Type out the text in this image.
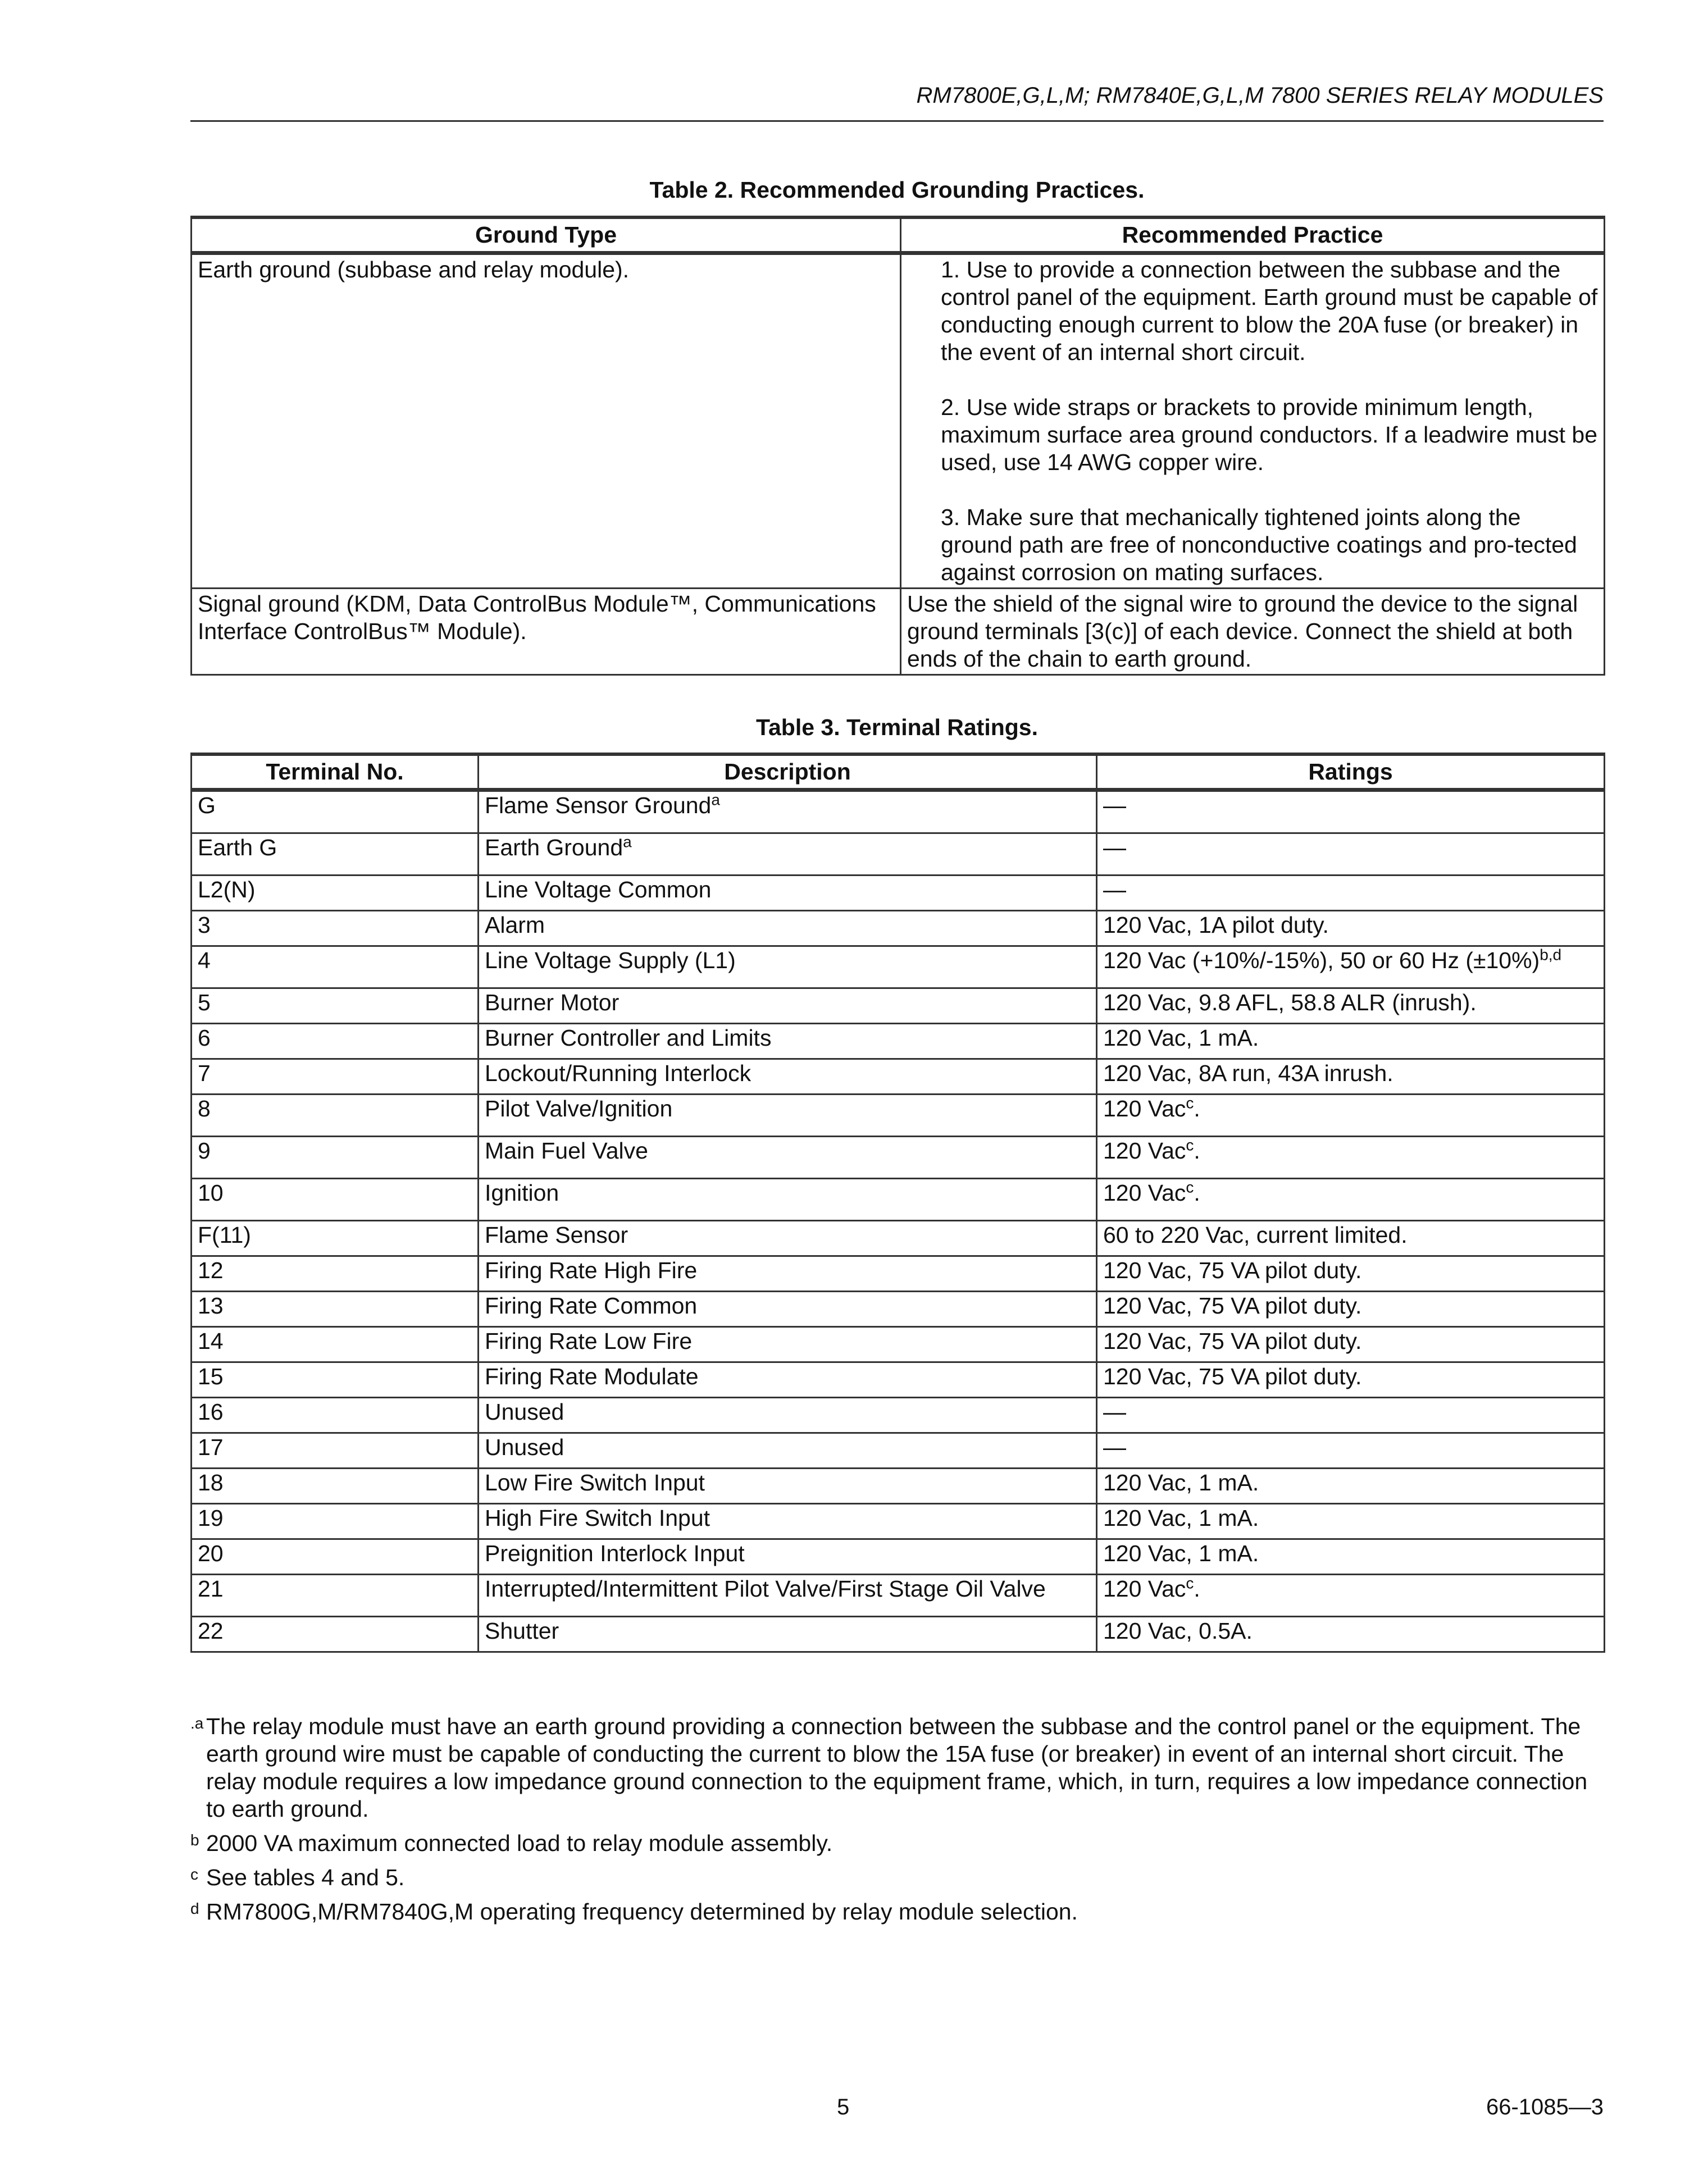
RM7800E,G,L,M; RM7840E,G,L,M 7800 SERIES RELAY MODULES
Table 2. Recommended Grounding Practices.
Ground Type	Recommended Practice
Earth ground (subbase and relay module).	1. Use to provide a connection between the subbase and the control panel of the equipment. Earth ground must be capable of conducting enough current to blow the 20A fuse (or breaker) in the event of an internal short circuit.

2. Use wide straps or brackets to provide minimum length, maximum surface area ground conductors. If a leadwire must be used, use 14 AWG copper wire.

3. Make sure that mechanically tightened joints along the ground path are free of nonconductive coatings and pro-tected against corrosion on mating surfaces.

Signal ground (KDM, Data ControlBus Module™, Communications Interface ControlBus™ Module).	Use the shield of the signal wire to ground the device to the signal ground terminals [3(c)] of each device. Connect the shield at both ends of the chain to earth ground.
Table 3. Terminal Ratings.
Terminal No.	Description	Ratings
G	Flame Sensor Ground$^a$	—
Earth G	Earth Ground$^a$	—
L2(N)	Line Voltage Common	—
3	Alarm	120 Vac, 1A pilot duty.
4	Line Voltage Supply (L1)	120 Vac (+10%/-15%), 50 or 60 Hz $(\pm 10\%)^{b,d}$
5	Burner Motor	120 Vac, 9.8 AFL, 58.8 ALR (inrush).
6	Burner Controller and Limits	120 Vac, 1 mA.
7	Lockout/Running Interlock	120 Vac, 8A run, 43A inrush.
8	Pilot Valve/Ignition	120 Vac$^c$.
9	Main Fuel Valve	120 Vac$^c$.
10	Ignition	120 Vac$^c$.
F(11)	Flame Sensor	60 to 220 Vac, current limited.
12	Firing Rate High Fire	120 Vac, 75 VA pilot duty.
13	Firing Rate Common	120 Vac, 75 VA pilot duty.
14	Firing Rate Low Fire	120 Vac, 75 VA pilot duty.
15	Firing Rate Modulate	120 Vac, 75 VA pilot duty.
16	Unused	—
17	Unused	—
18	Low Fire Switch Input	120 Vac, 1 mA.
19	High Fire Switch Input	120 Vac, 1 mA.
20	Preignition Interlock Input	120 Vac, 1 mA.
21	Interrupted/Intermittent Pilot Valve/First Stage Oil Valve	120 Vac$^c$.
22	Shutter	120 Vac, 0.5A.
.a The relay module must have an earth ground providing a connection between the subbase and the control panel or the equipment. The earth ground wire must be capable of conducting the current to blow the 15A fuse (or breaker) in event of an internal short circuit. The relay module requires a low impedance ground connection to the equipment frame, which, in turn, requires a low impedance connection to earth ground.
b 2000 VA maximum connected load to relay module assembly.
c See tables 4 and 5.
d RM7800G,M/RM7840G,M operating frequency determined by relay module selection.
5	66-1085—3
